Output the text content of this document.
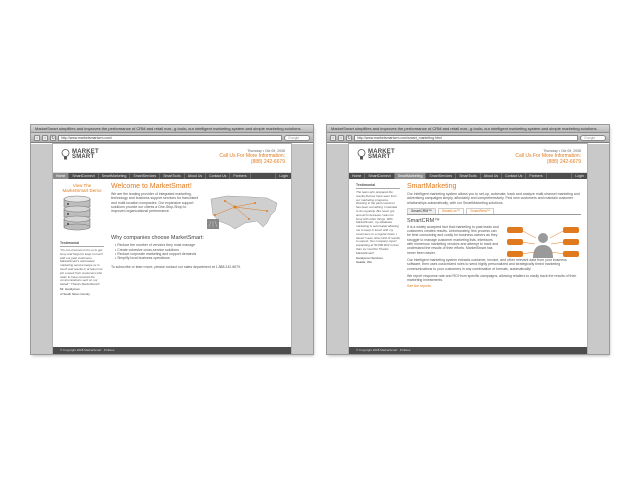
MarketSmart simplifies and improves the performance of CRM and retail mar...g tools; our intelligent marketing system and simple marketing solutions.
‹	›	↻	http://www.marketsmartcrm.com/	Google
MARKET
SMART
Thursday • Oct 09, 2008
Call Us For More Information:
(888) 242-6679
Home	SmartConnect	SmartMarketing	SmartServices	SmartTools	About Us	Contact Us	Partners	Login
View The MarketSmart Demo
Testimonial
"It's not uncommon for us to get busy and forget to keep in touch with our past customers. MarketSmart's automated marketing service keeps us in touch and results in at least one job a week from customers who claim to have received the communications sent on our behalf." Thanks MarketSmart!
Mr. Handyman
of South Sioux County
Welcome to MarketSmart!
We are the leading provider of integrated marketing, technology and business support services for franchised and multi-location companies. Our expansive support solutions provide our clients a One-Stop-Shop to improved organizational performance.
Why companies choose MarketSmart:
• Reduce the number of vendors they must manage
• Create cohesive cross-service solutions
• Reduce corporate marketing and support demands
• Simplify local business operations
To subscribe or learn more, please contact our sales department at 1.888.242.6679.
© Copyright 2008 MarketSmart · Policies
MarketSmart simplifies and improves the performance of CRM and retail mar...g tools; our intelligent marketing system and simple marketing solutions.
‹	›	↻	http://www.marketsmartcrm.com/smart_marketing.html	Google
MARKET
SMART
Thursday • Oct 09, 2008
Call Us For More Information:
(888) 242-6679
Home	SmartConnect	SmartMarketing	SmartServices	SmartTools	About Us	Contact Us	Partners	Login
Testimonial
The team who prepared the results that we have seen from our marketing programs. Working in the past customer has been something I intended to do regularly. But never got around to because I was too busy with other things. With MarketSmart, my database marketing is automated allowing me to keep in touch with my customers on a regular basis. I haven't seen other kind of results to expect. Our company report expanding at 50,000 ROI in less than six months! Thanks MarketSmart!
Handyman Services
Seattle, WA
SmartMarketing
Our intelligent marketing system allows you to set-up, automate, track and analyze multi-channel marketing and advertising campaigns simply, affordably and comprehensively. Find new customers and maintain customer relationships automatically, with our SmartMarketing solutions.
SmartCRM™	SmartLoc™	SmartRest™
SmartCRM™
It is a widely accepted fact that marketing to past leads and customers creates results. Unfortunately, this process can be time consuming and costly for business owners as they struggle to manage customer marketing lists, interfaces with numerous marketing vendors and attempt to track and understand the results of their efforts. MarketSmart has never been easier.
Our intelligent marketing system extracts customer, invoice, and other relevant data from your business software, then uses customized rules to send highly personalized and strategically timed marketing communications to your customers in any combination of formats, automatically!
We report response rate and ROI from specific campaigns, allowing retailers to easily track the results of their marketing investments.
See the reports.
© Copyright 2008 MarketSmart · Policies
